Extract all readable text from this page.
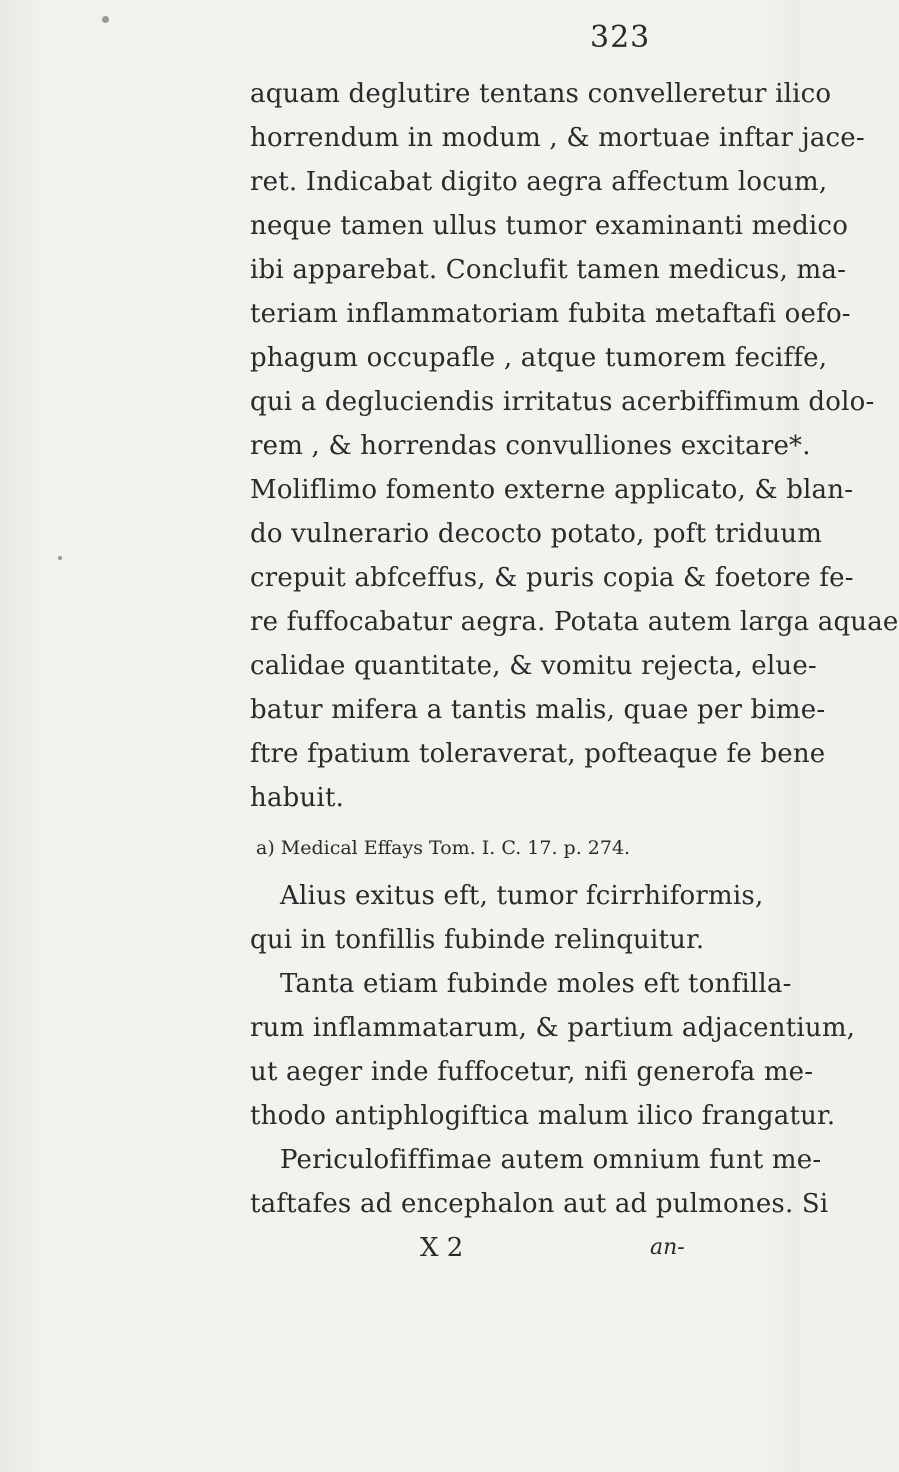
323
aquam deglutire tentans convelleretur ilico
horrendum in modum , & mortuae inftar jace-
ret. Indicabat digito aegra affectum locum,
neque tamen ullus tumor examinanti medico
ibi apparebat. Conclufit tamen medicus, ma-
teriam inflammatoriam fubita metaftafi oefo-
phagum occupafle , atque tumorem feciffe,
qui a degluciendis irritatus acerbiffimum dolo-
rem , & horrendas convulliones excitare*.
Moliflimo fomento externe applicato, & blan-
do vulnerario decocto potato, poft triduum
crepuit abfceffus, & puris copia & foetore fe-
re fuffocabatur aegra. Potata autem larga aquae
calidae quantitate, & vomitu rejecta, elue-
batur mifera a tantis malis, quae per bime-
ftre fpatium toleraverat, pofteaque fe bene
habuit.
a) Medical Effays Tom. I. C. 17. p. 274.
Alius exitus eft, tumor fcirrhiformis,
qui in tonfillis fubinde relinquitur.
Tanta etiam fubinde moles eft tonfilla-
rum inflammatarum, & partium adjacentium,
ut aeger inde fuffocetur, nifi generofa me-
thodo antiphlogiftica malum ilico frangatur.
Periculofiffimae autem omnium funt me-
taftafes ad encephalon aut ad pulmones. Si
X 2	an-
